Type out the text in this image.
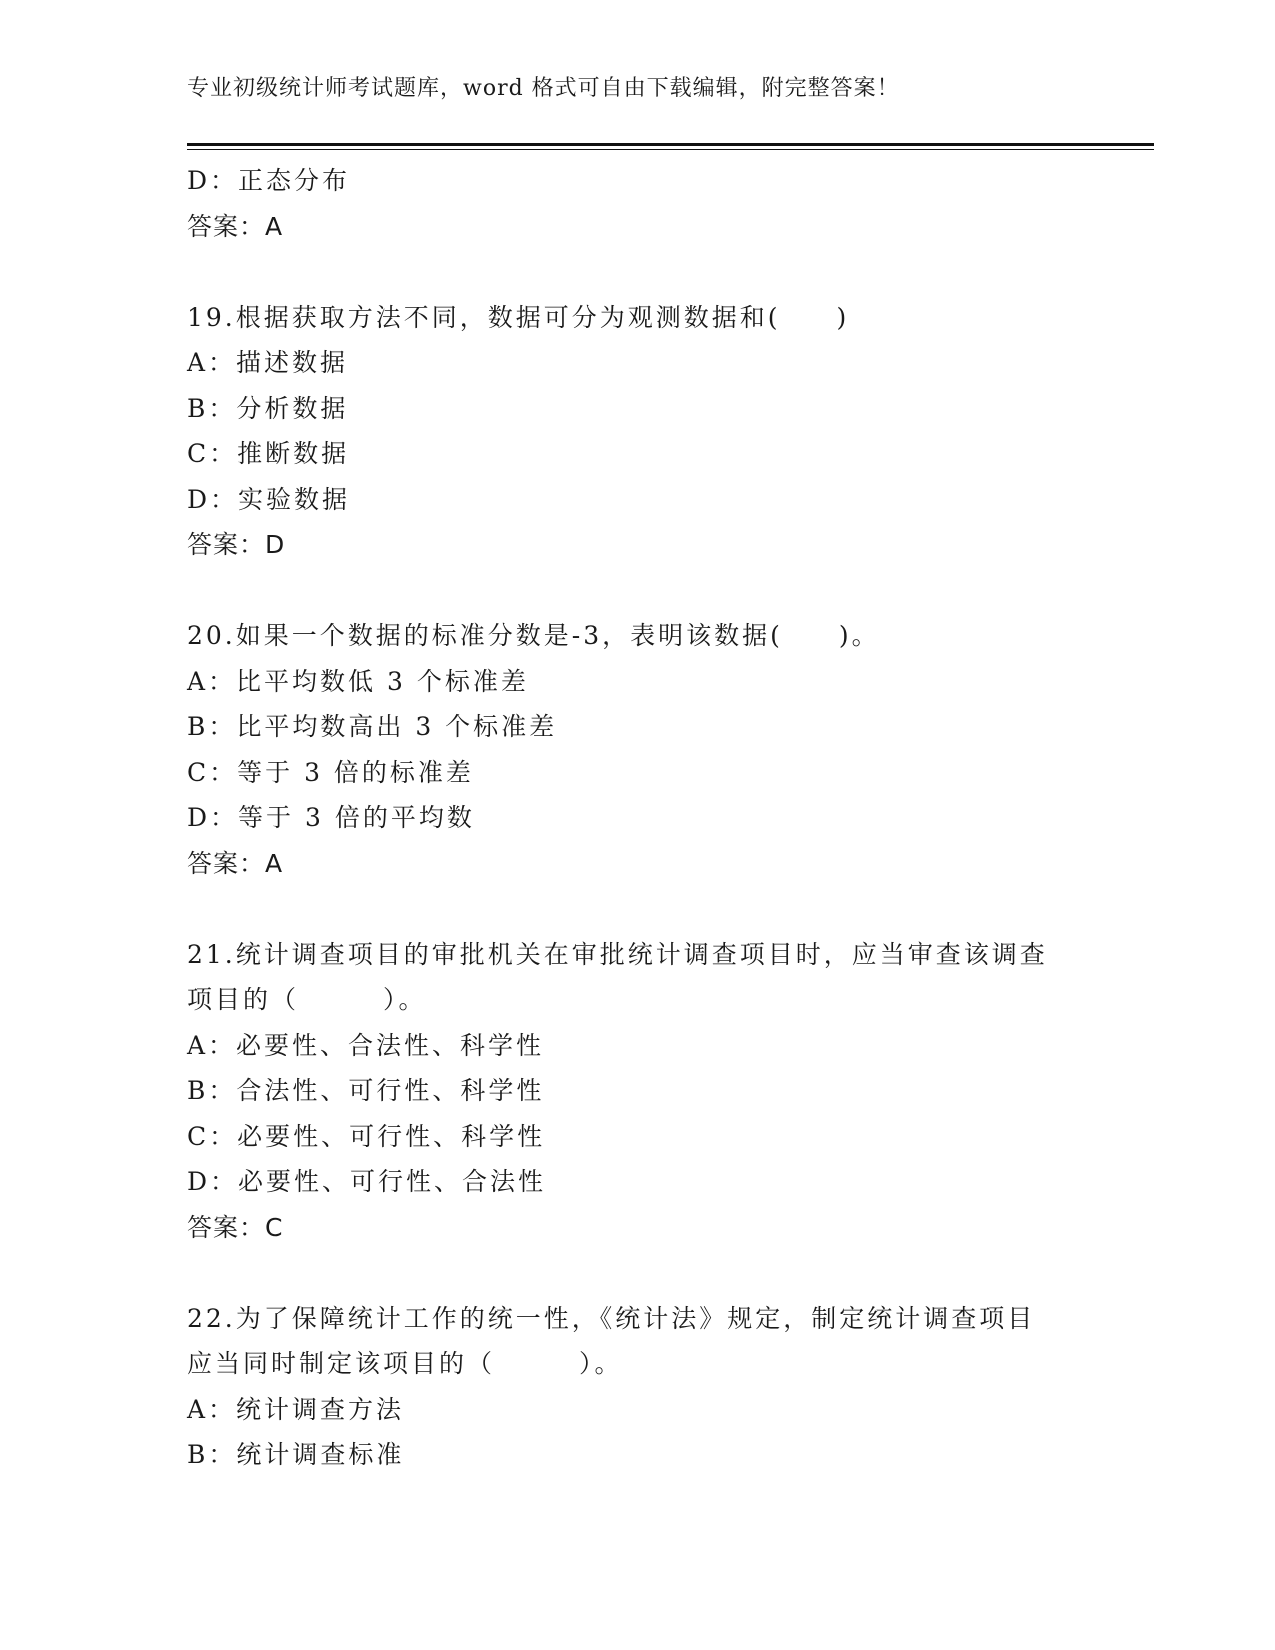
专业初级统计师考试题库，word 格式可自由下载编辑，附完整答案！
D：正态分布
答案：A
19.根据获取方法不同，数据可分为观测数据和(　　)
A：描述数据
B：分析数据
C：推断数据
D：实验数据
答案：D
20.如果一个数据的标准分数是-3，表明该数据(　　)。
A：比平均数低 3 个标准差
B：比平均数高出 3 个标准差
C：等于 3 倍的标准差
D：等于 3 倍的平均数
答案：A
21.统计调查项目的审批机关在审批统计调查项目时，应当审查该调查
项目的（　　　）。
A：必要性、合法性、科学性
B：合法性、可行性、科学性
C：必要性、可行性、科学性
D：必要性、可行性、合法性
答案：C
22.为了保障统计工作的统一性，《统计法》规定，制定统计调查项目
应当同时制定该项目的（　　　）。
A：统计调查方法
B：统计调查标准
